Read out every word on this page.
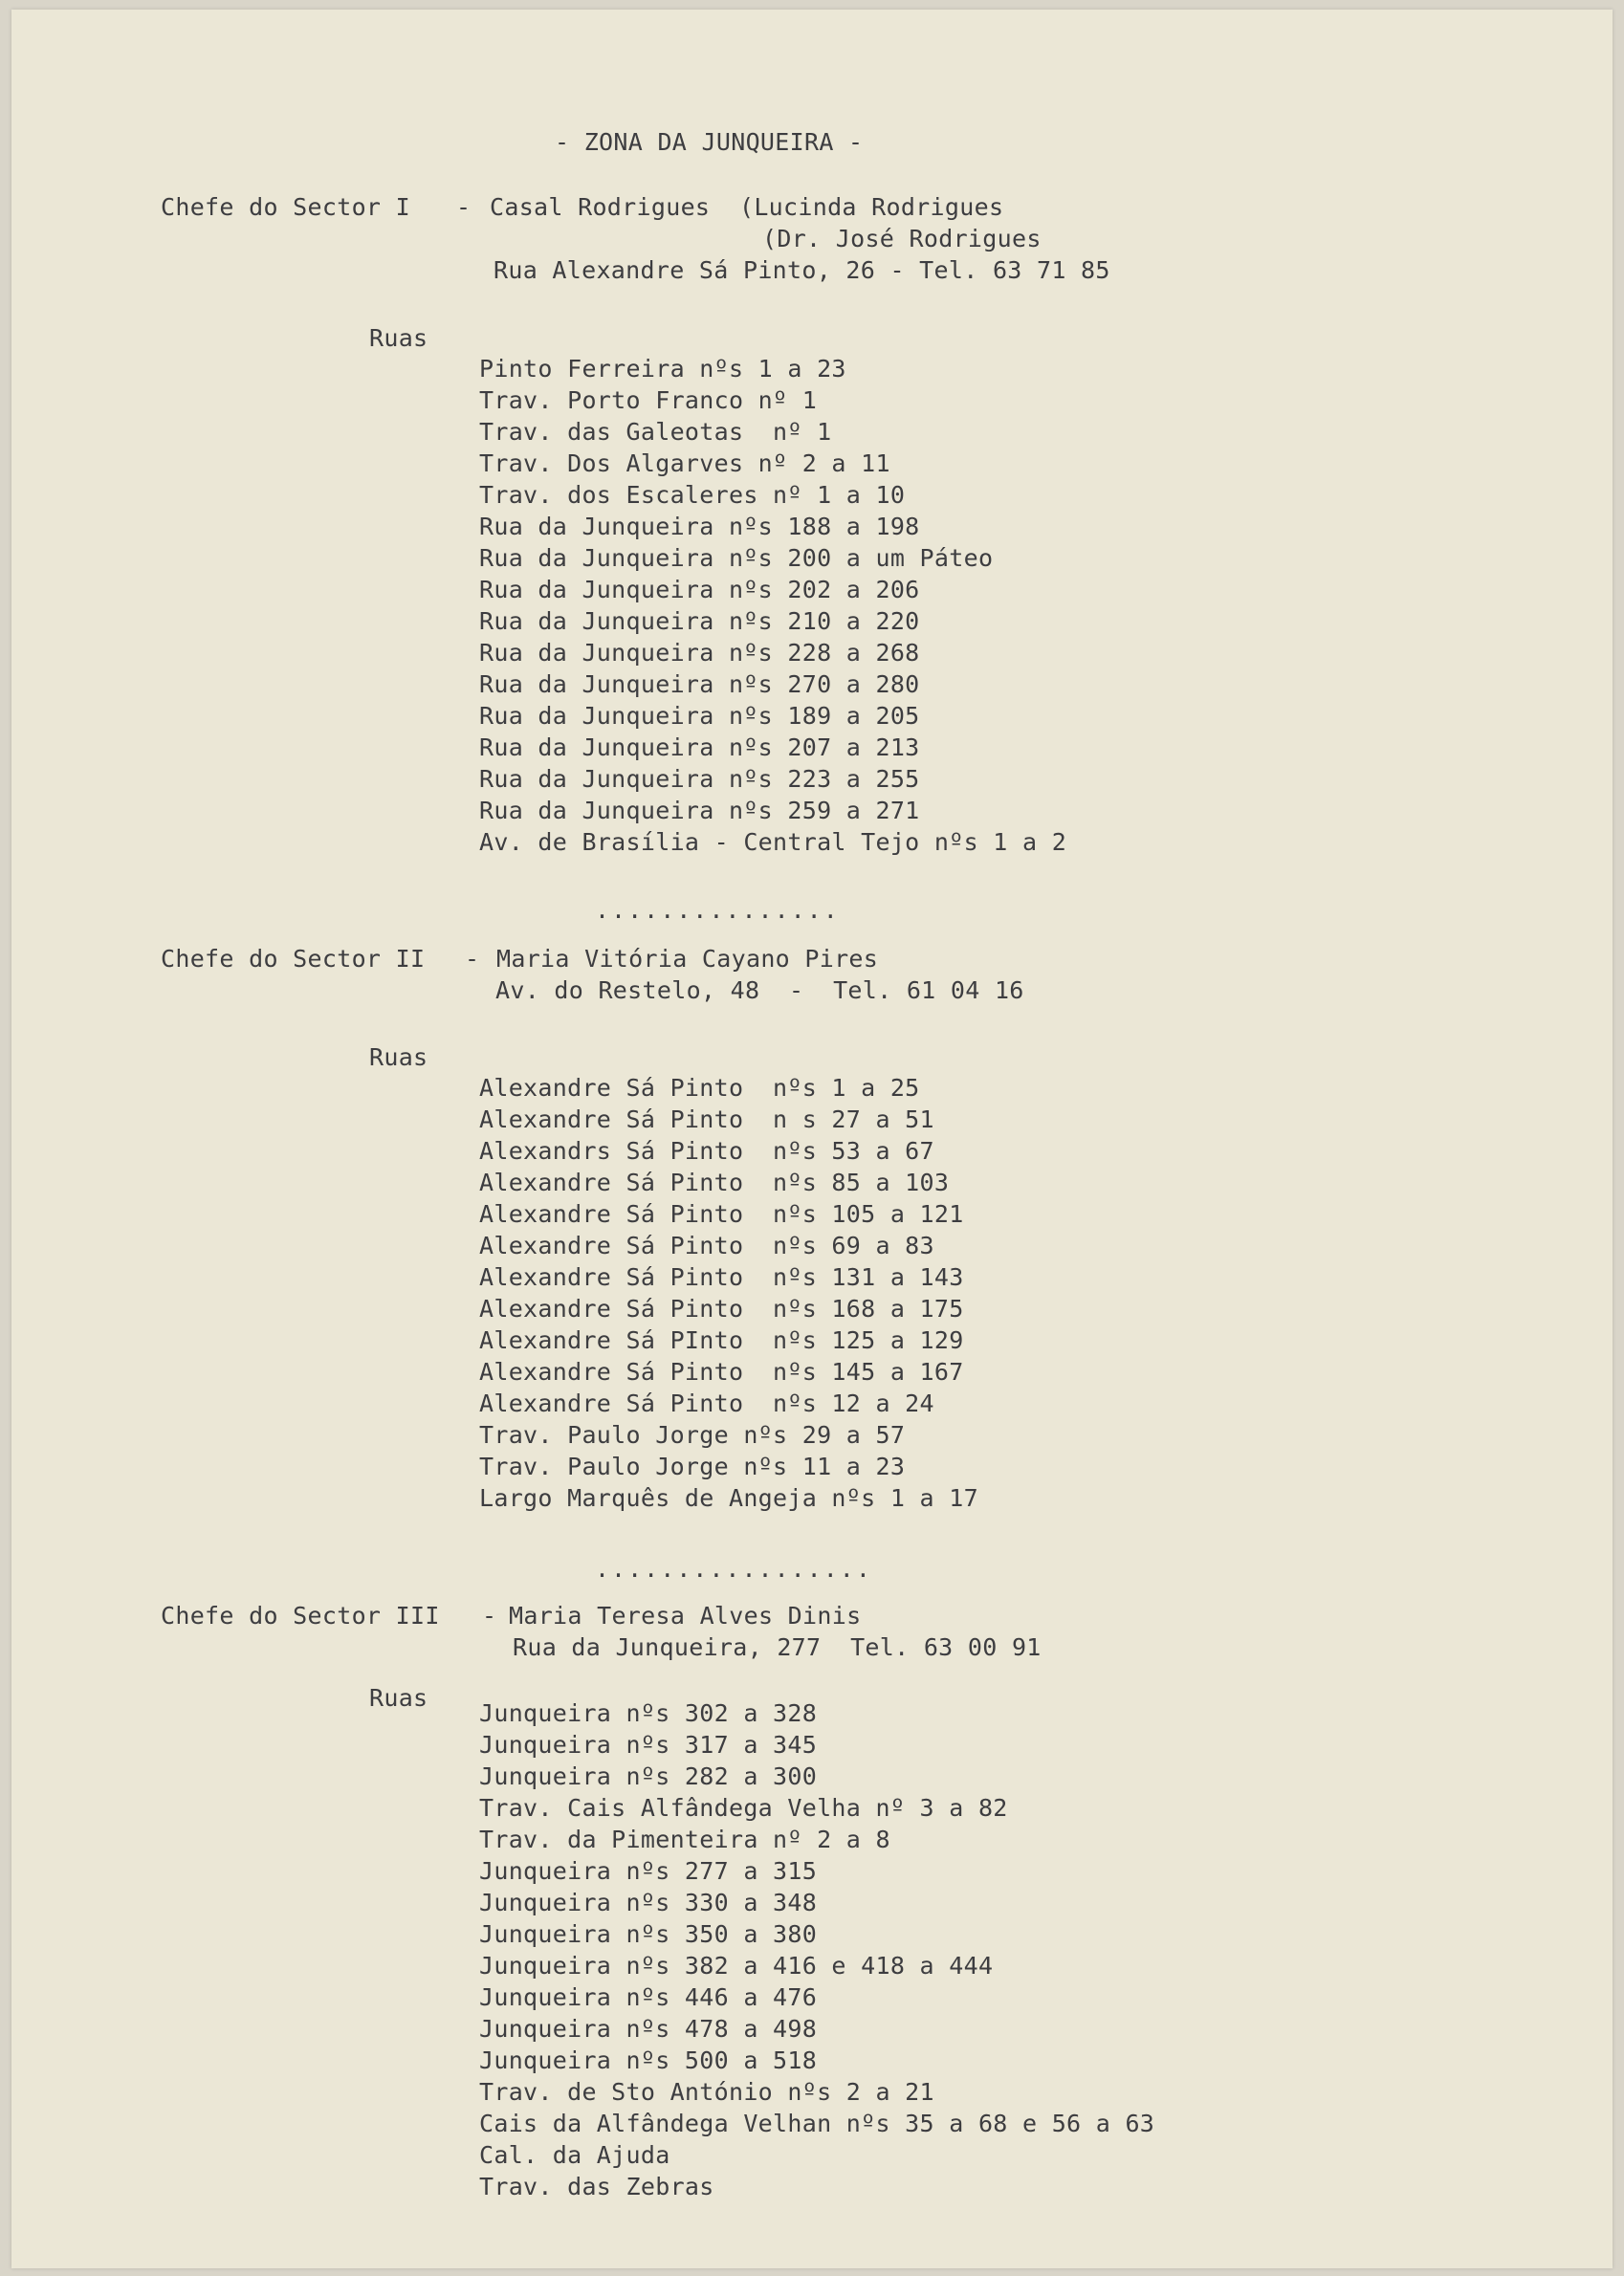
- ZONA DA JUNQUEIRA -
Chefe do Sector I - Casal Rodrigues  (Lucinda Rodrigues
(Dr. José Rodrigues
Rua Alexandre Sá Pinto, 26 - Tel. 63 71 85
Ruas
Pinto Ferreira nºs 1 a 23
Trav. Porto Franco nº 1
Trav. das Galeotas  nº 1
Trav. Dos Algarves nº 2 a 11
Trav. dos Escaleres nº 1 a 10
Rua da Junqueira nºs 188 a 198
Rua da Junqueira nºs 200 a um Páteo
Rua da Junqueira nºs 202 a 206
Rua da Junqueira nºs 210 a 220
Rua da Junqueira nºs 228 a 268
Rua da Junqueira nºs 270 a 280
Rua da Junqueira nºs 189 a 205
Rua da Junqueira nºs 207 a 213
Rua da Junqueira nºs 223 a 255
Rua da Junqueira nºs 259 a 271
Av. de Brasília - Central Tejo nºs 1 a 2
...............
Chefe do Sector II - Maria Vitória Cayano Pires
Av. do Restelo, 48  -  Tel. 61 04 16
Ruas
Alexandre Sá Pinto  nºs 1 a 25
Alexandre Sá Pinto  n s 27 a 51
Alexandrs Sá Pinto  nºs 53 a 67
Alexandre Sá Pinto  nºs 85 a 103
Alexandre Sá Pinto  nºs 105 a 121
Alexandre Sá Pinto  nºs 69 a 83
Alexandre Sá Pinto  nºs 131 a 143
Alexandre Sá Pinto  nºs 168 a 175
Alexandre Sá PInto  nºs 125 a 129
Alexandre Sá Pinto  nºs 145 a 167
Alexandre Sá Pinto  nºs 12 a 24
Trav. Paulo Jorge nºs 29 a 57
Trav. Paulo Jorge nºs 11 a 23
Largo Marquês de Angeja nºs 1 a 17
.................
Chefe do Sector III - Maria Teresa Alves Dinis
Rua da Junqueira, 277  Tel. 63 00 91
Ruas
Junqueira nºs 302 a 328
Junqueira nºs 317 a 345
Junqueira nºs 282 a 300
Trav. Cais Alfândega Velha nº 3 a 82
Trav. da Pimenteira nº 2 a 8
Junqueira nºs 277 a 315
Junqueira nºs 330 a 348
Junqueira nºs 350 a 380
Junqueira nºs 382 a 416 e 418 a 444
Junqueira nºs 446 a 476
Junqueira nºs 478 a 498
Junqueira nºs 500 a 518
Trav. de Sto António nºs 2 a 21
Cais da Alfândega Velhan nºs 35 a 68 e 56 a 63
Cal. da Ajuda
Trav. das Zebras
